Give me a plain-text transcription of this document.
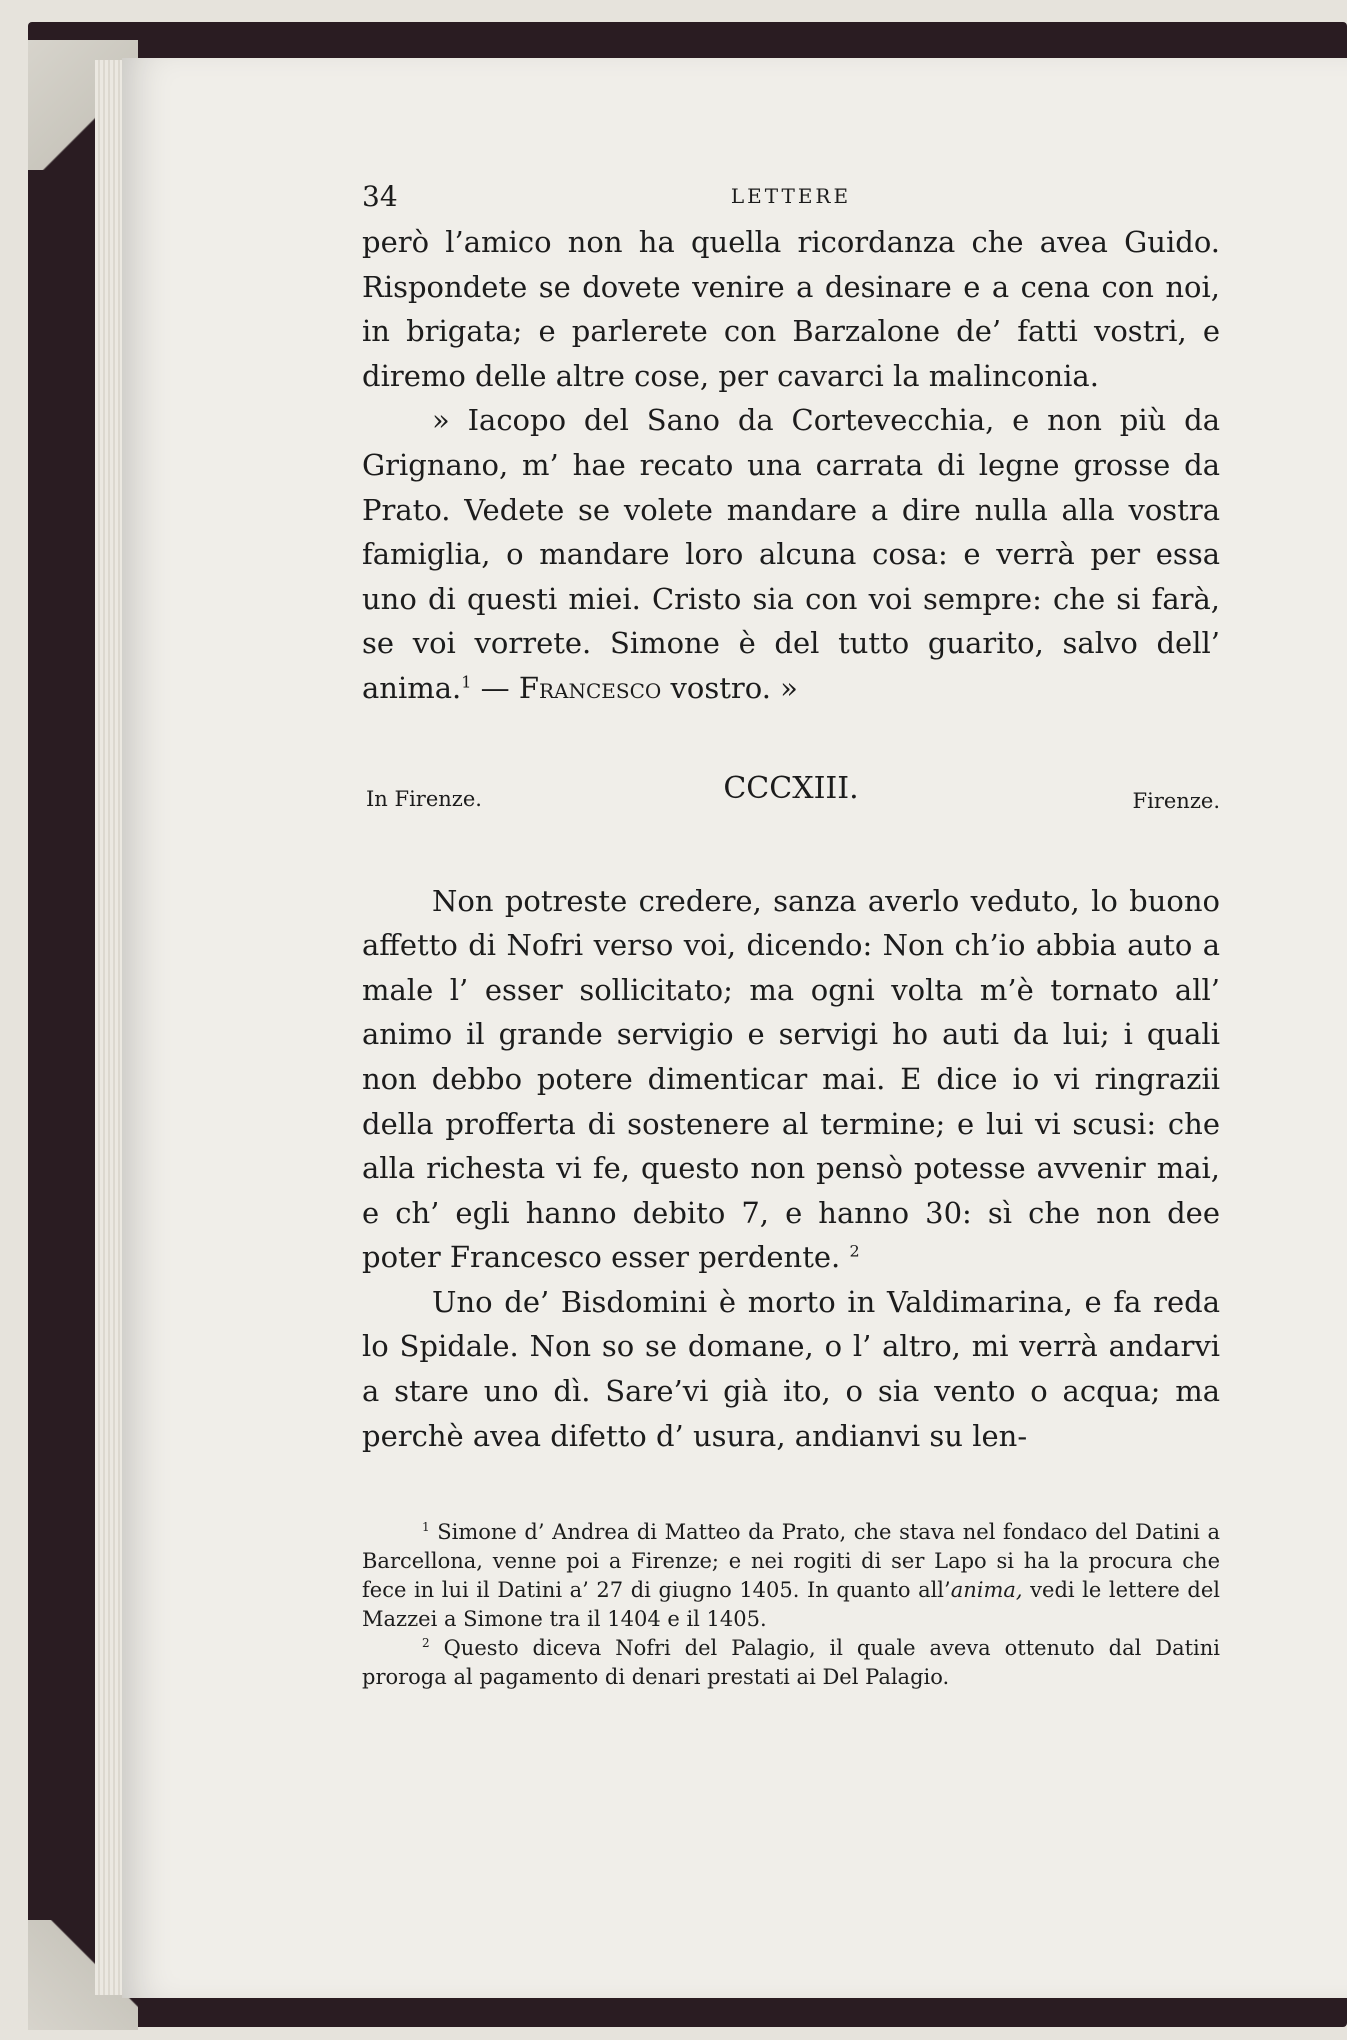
34	LETTERE

però l’amico non ha quella ricordanza che avea Guido. Rispondete se dovete venire a desinare e a cena con noi, in brigata; e parlerete con Barzalone de’ fatti vostri, e diremo delle altre cose, per cavarci la malinconia.

» Iacopo del Sano da Cortevecchia, e non più da Grignano, m’ hae recato una carrata di legne grosse da Prato. Vedete se volete mandare a dire nulla alla vostra famiglia, o mandare loro alcuna cosa: e verrà per essa uno di questi miei. Cristo sia con voi sempre: che si farà, se voi vorrete. Simone è del tutto guarito, salvo dell’ anima.$^1$ — Francesco vostro. »

In Firenze.	CCCXIII.	Firenze.

Non potreste credere, sanza averlo veduto, lo buono affetto di Nofri verso voi, dicendo: Non ch’io abbia auto a male l’ esser sollicitato; ma ogni volta m’è tornato all’ animo il grande servigio e servigi ho auti da lui; i quali non debbo potere dimenticar mai. E dice io vi ringrazii della profferta di sostenere al termine; e lui vi scusi: che alla richesta vi fe, questo non pensò potesse avvenir mai, e ch’ egli hanno debito 7, e hanno 30: sì che non dee poter Francesco esser perdente. $^2$

Uno de’ Bisdomini è morto in Valdimarina, e fa reda lo Spidale. Non so se domane, o l’ altro, mi verrà andarvi a stare uno dì. Sare’vi già ito, o sia vento o acqua; ma perchè avea difetto d’ usura, andianvi su len-

$^1$ Simone d’ Andrea di Matteo da Prato, che stava nel fondaco del Datini a Barcellona, venne poi a Firenze; e nei rogiti di ser Lapo si ha la procura che fece in lui il Datini a’ 27 di giugno 1405. In quanto all’anima, vedi le lettere del Mazzei a Simone tra il 1404 e il 1405.

$^2$ Questo diceva Nofri del Palagio, il quale aveva ottenuto dal Datini proroga al pagamento di denari prestati ai Del Palagio.
